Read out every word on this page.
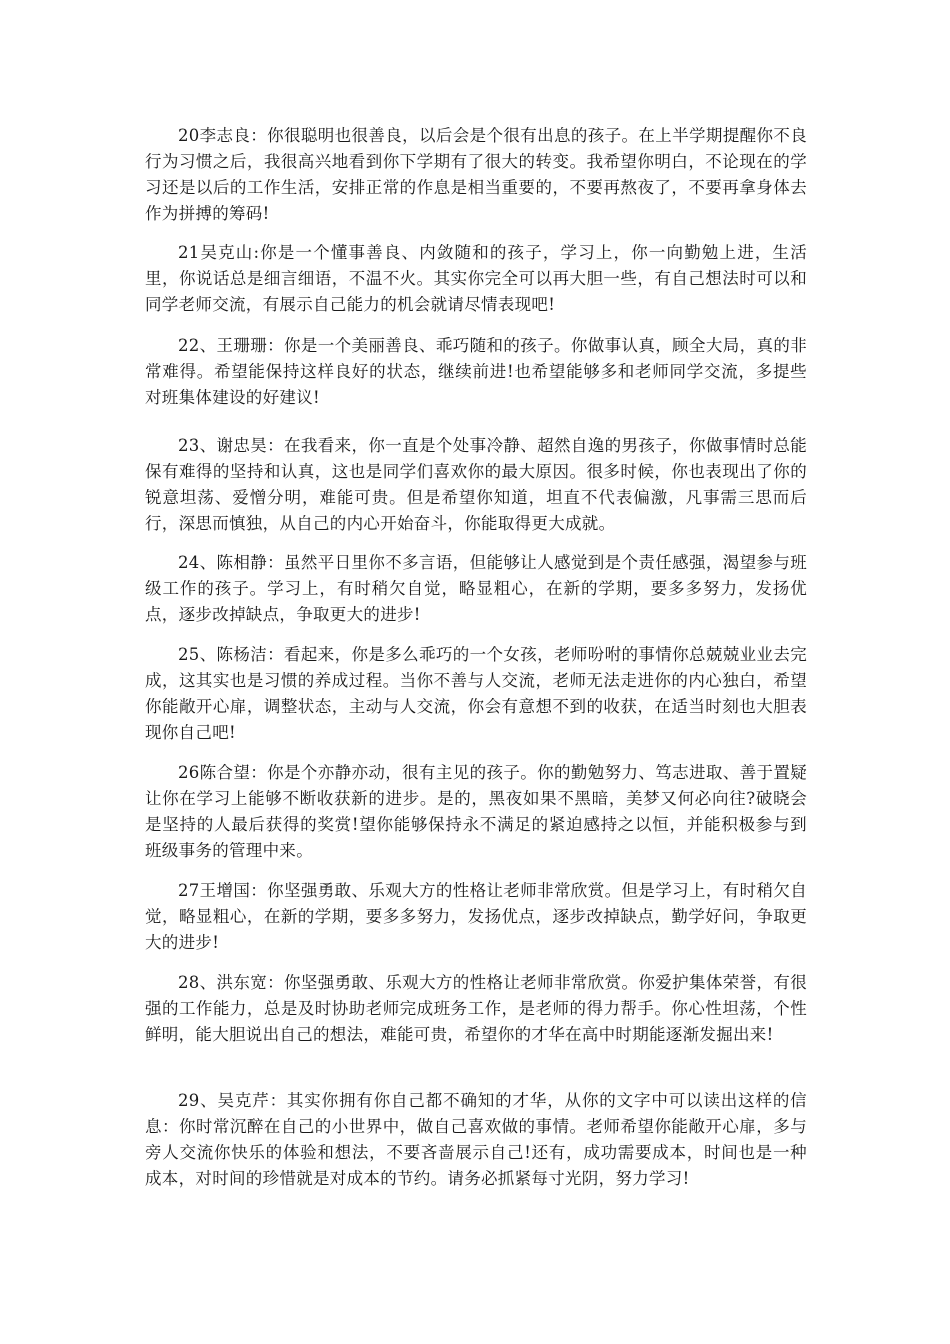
20李志良：你很聪明也很善良，以后会是个很有出息的孩子。在上半学期提醒你不良行为习惯之后，我很高兴地看到你下学期有了很大的转变。我希望你明白，不论现在的学习还是以后的工作生活，安排正常的作息是相当重要的，不要再熬夜了，不要再拿身体去作为拼搏的筹码!

21吴克山:你是一个懂事善良、内敛随和的孩子，学习上，你一向勤勉上进，生活里，你说话总是细言细语，不温不火。其实你完全可以再大胆一些，有自己想法时可以和同学老师交流，有展示自己能力的机会就请尽情表现吧!

22、王珊珊：你是一个美丽善良、乖巧随和的孩子。你做事认真，顾全大局，真的非常难得。希望能保持这样良好的状态，继续前进!也希望能够多和老师同学交流，多提些对班集体建设的好建议!

23、谢忠昊：在我看来，你一直是个处事冷静、超然自逸的男孩子，你做事情时总能保有难得的坚持和认真，这也是同学们喜欢你的最大原因。很多时候，你也表现出了你的锐意坦荡、爱憎分明，难能可贵。但是希望你知道，坦直不代表偏激，凡事需三思而后行，深思而慎独，从自己的内心开始奋斗，你能取得更大成就。

24、陈相静：虽然平日里你不多言语，但能够让人感觉到是个责任感强，渴望参与班级工作的孩子。学习上，有时稍欠自觉，略显粗心，在新的学期，要多多努力，发扬优点，逐步改掉缺点，争取更大的进步!

25、陈杨洁：看起来，你是多么乖巧的一个女孩，老师吩咐的事情你总兢兢业业去完成，这其实也是习惯的养成过程。当你不善与人交流，老师无法走进你的内心独白，希望你能敞开心扉，调整状态，主动与人交流，你会有意想不到的收获，在适当时刻也大胆表现你自己吧!

26陈合望：你是个亦静亦动，很有主见的孩子。你的勤勉努力、笃志进取、善于置疑让你在学习上能够不断收获新的进步。是的，黑夜如果不黑暗，美梦又何必向往?破晓会是坚持的人最后获得的奖赏!望你能够保持永不满足的紧迫感持之以恒，并能积极参与到班级事务的管理中来。

27王增国：你坚强勇敢、乐观大方的性格让老师非常欣赏。但是学习上，有时稍欠自觉，略显粗心，在新的学期，要多多努力，发扬优点，逐步改掉缺点，勤学好问，争取更大的进步!

28、洪东宽：你坚强勇敢、乐观大方的性格让老师非常欣赏。你爱护集体荣誉，有很强的工作能力，总是及时协助老师完成班务工作，是老师的得力帮手。你心性坦荡，个性鲜明，能大胆说出自己的想法，难能可贵，希望你的才华在高中时期能逐渐发掘出来!

29、吴克芹：其实你拥有你自己都不确知的才华，从你的文字中可以读出这样的信息：你时常沉醉在自己的小世界中，做自己喜欢做的事情。老师希望你能敞开心扉，多与旁人交流你快乐的体验和想法，不要吝啬展示自己!还有，成功需要成本，时间也是一种成本，对时间的珍惜就是对成本的节约。请务必抓紧每寸光阴，努力学习!
